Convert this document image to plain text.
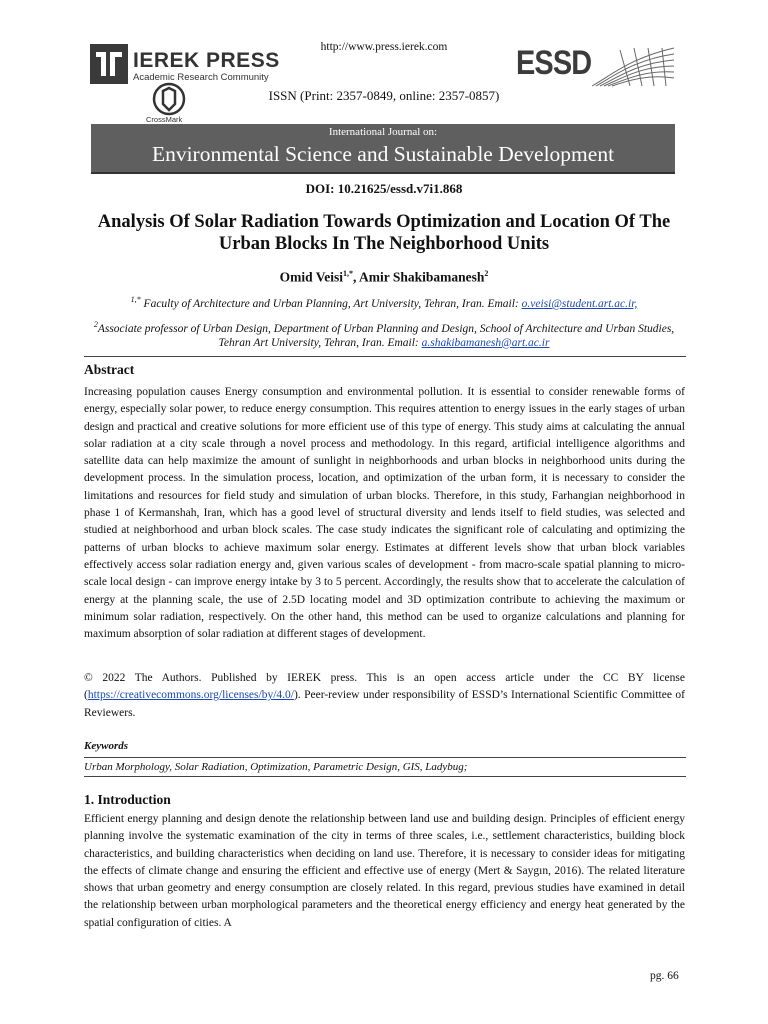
http://www.press.ierek.com
IEREK PRESS
Academic Research Community
CrossMark
ISSN (Print: 2357-0849, online: 2357-0857)
ESSD
International Journal on:
Environmental Science and Sustainable Development
DOI: 10.21625/essd.v7i1.868
Analysis Of Solar Radiation Towards Optimization and Location Of The Urban Blocks In The Neighborhood Units
Omid Veisi$^{1,*}$, Amir Shakibamanesh$^2$
$^{1,*}$ Faculty of Architecture and Urban Planning, Art University, Tehran, Iran. Email: o.veisi@student.art.ac.ir,
$^2$Associate professor of Urban Design, Department of Urban Planning and Design, School of Architecture and Urban Studies, Tehran Art University, Tehran, Iran. Email: a.shakibamanesh@art.ac.ir
Abstract

Increasing population causes Energy consumption and environmental pollution. It is essential to consider renewable forms of energy, especially solar power, to reduce energy consumption. This requires attention to energy issues in the early stages of urban design and practical and creative solutions for more efficient use of this type of energy. This study aims at calculating the annual solar radiation at a city scale through a novel process and methodology. In this regard, artificial intelligence algorithms and satellite data can help maximize the amount of sunlight in neighborhoods and urban blocks in neighborhood units during the development process. In the simulation process, location, and optimization of the urban form, it is necessary to consider the limitations and resources for field study and simulation of urban blocks. Therefore, in this study, Farhangian neighborhood in phase 1 of Kermanshah, Iran, which has a good level of structural diversity and lends itself to field studies, was selected and studied at neighborhood and urban block scales. The case study indicates the significant role of calculating and optimizing the patterns of urban blocks to achieve maximum solar energy. Estimates at different levels show that urban block variables effectively access solar radiation energy and, given various scales of development - from macro-scale spatial planning to micro-scale local design - can improve energy intake by 3 to 5 percent. Accordingly, the results show that to accelerate the calculation of energy at the planning scale, the use of 2.5D locating model and 3D optimization contribute to achieving the maximum or minimum solar radiation, respectively. On the other hand, this method can be used to organize calculations and planning for maximum absorption of solar radiation at different stages of development.

© 2022 The Authors. Published by IEREK press. This is an open access article under the CC BY license (https://creativecommons.org/licenses/by/4.0/). Peer-review under responsibility of ESSD’s International Scientific Committee of Reviewers.

Keywords
Urban Morphology, Solar Radiation, Optimization, Parametric Design, GIS, Ladybug;
1. Introduction

Efficient energy planning and design denote the relationship between land use and building design. Principles of efficient energy planning involve the systematic examination of the city in terms of three scales, i.e., settlement characteristics, building block characteristics, and building characteristics when deciding on land use. Therefore, it is necessary to consider ideas for mitigating the effects of climate change and ensuring the efficient and effective use of energy (Mert & Saygın, 2016). The related literature shows that urban geometry and energy consumption are closely related. In this regard, previous studies have examined in detail the relationship between urban morphological parameters and the theoretical energy efficiency and energy heat generated by the spatial configuration of cities. A

pg. 66
